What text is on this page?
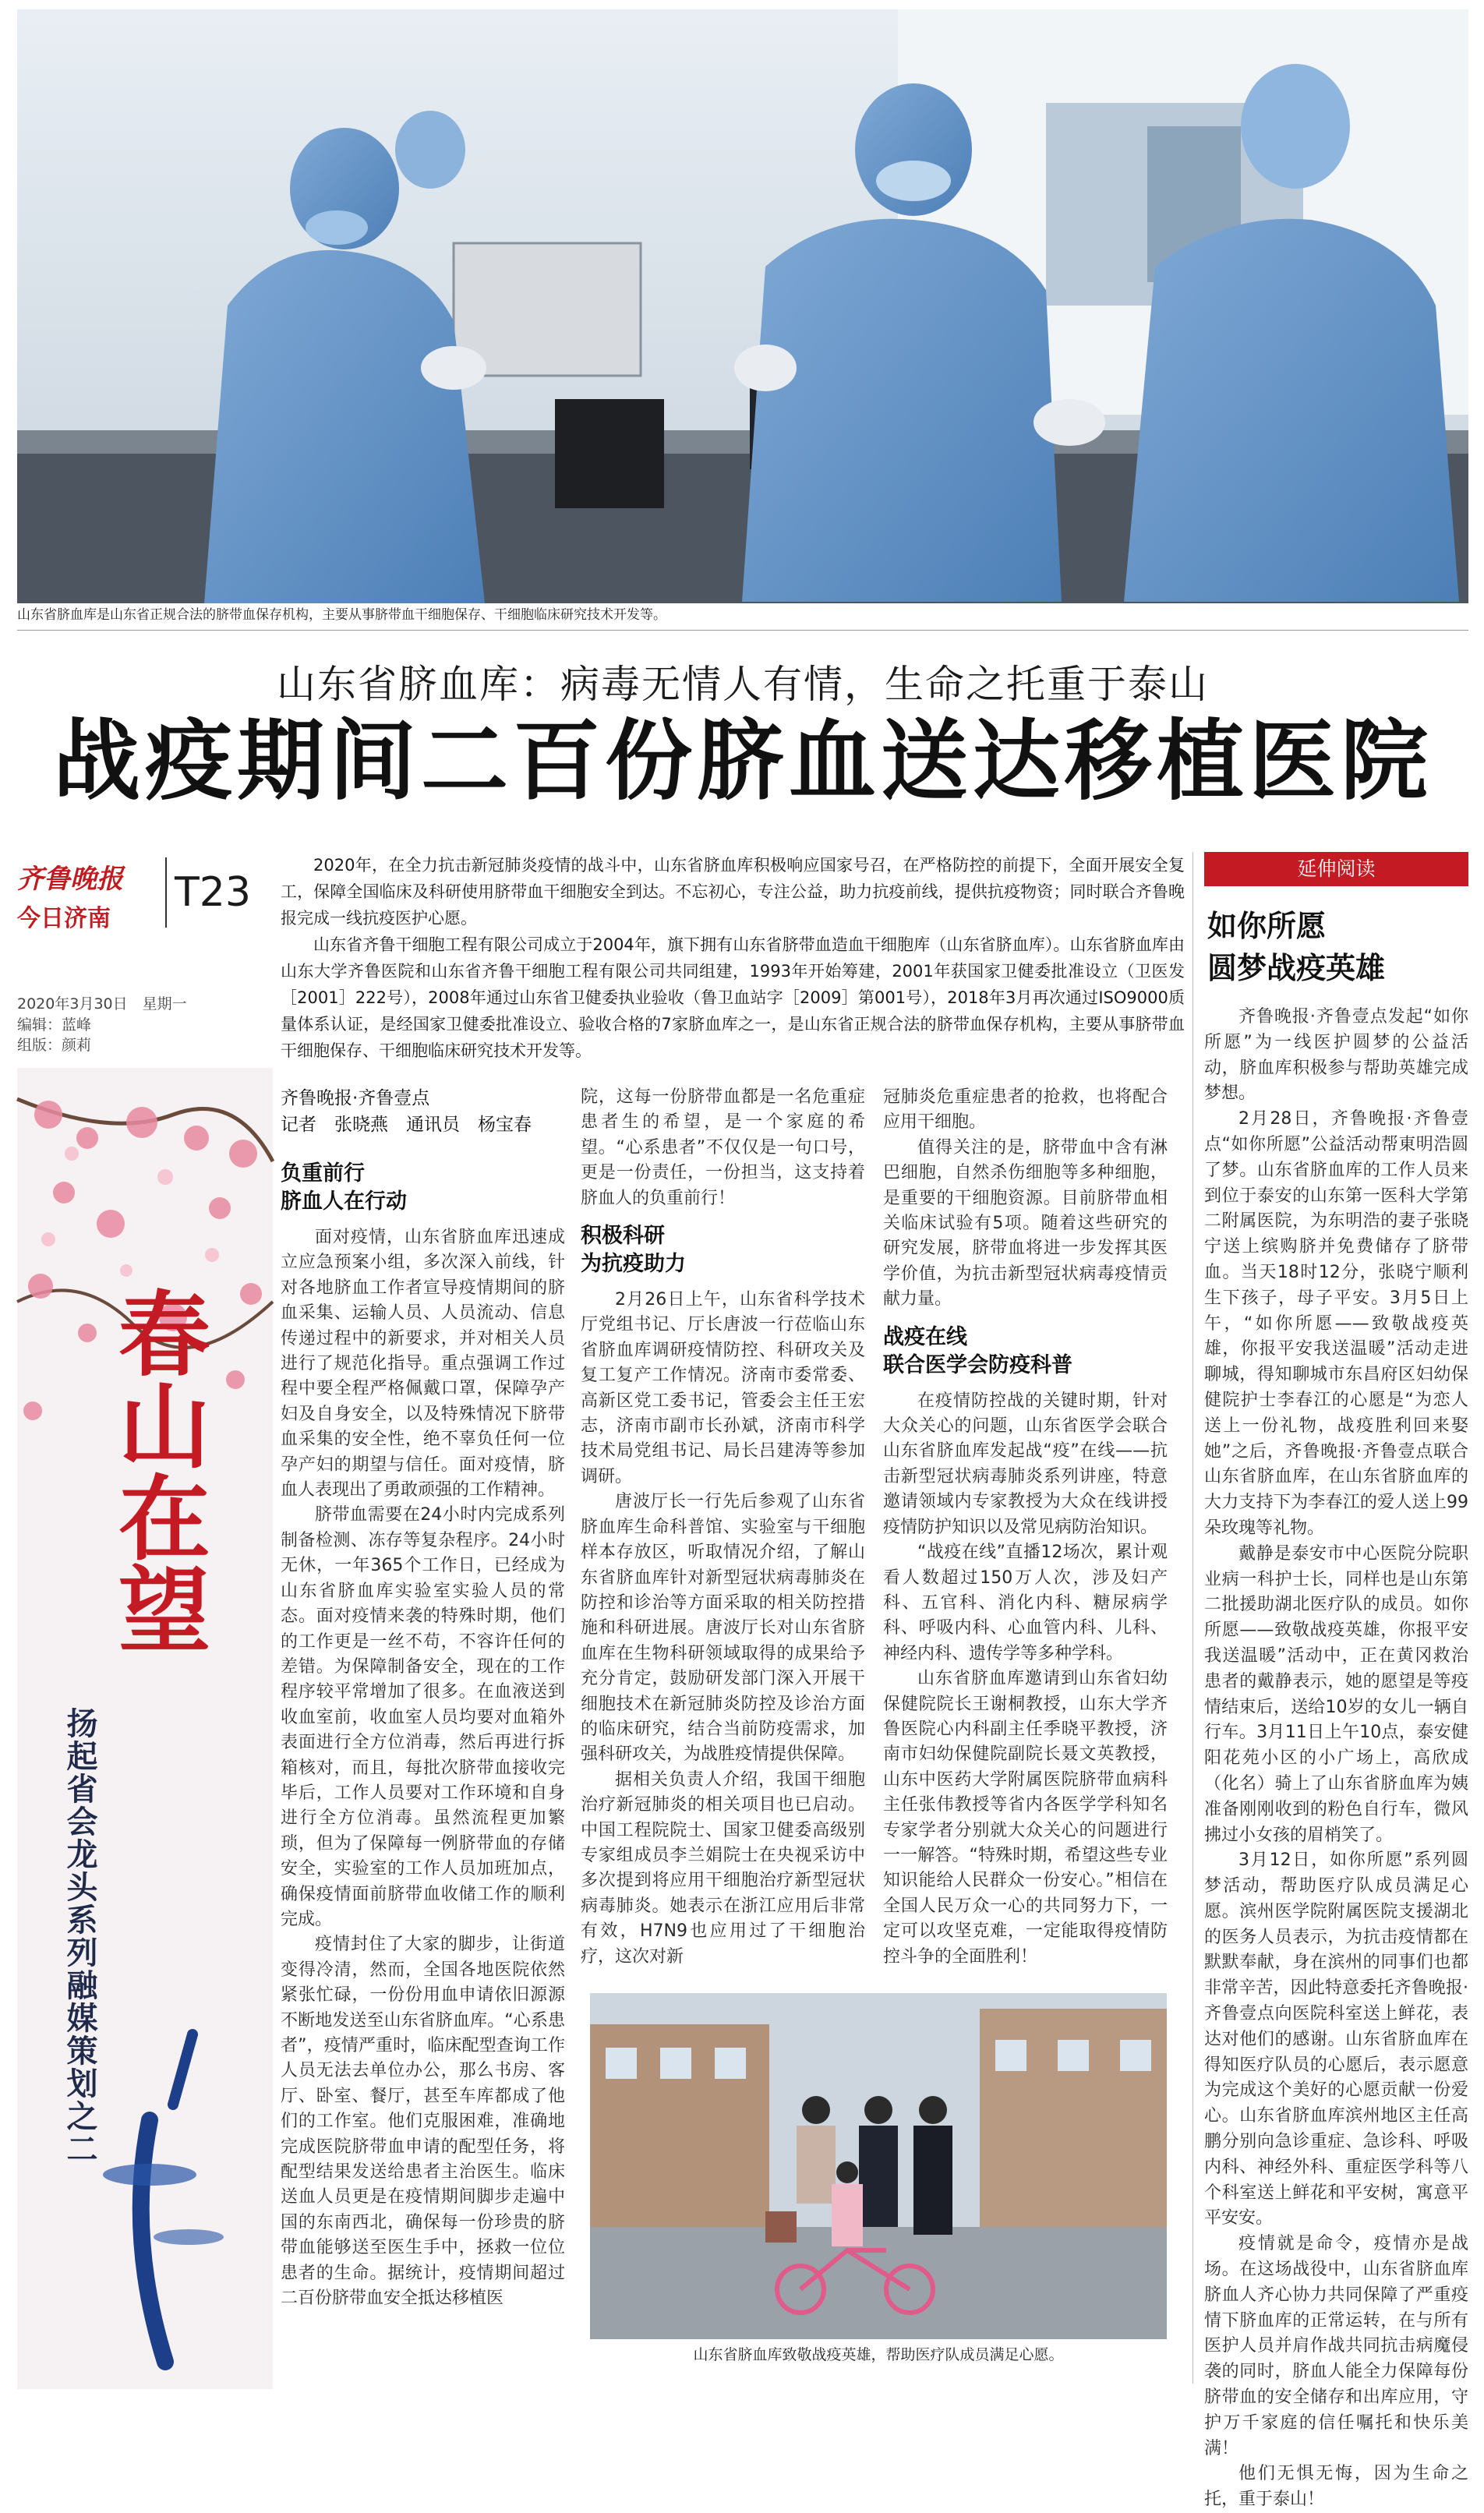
山东省脐血库是山东省正规合法的脐带血保存机构，主要从事脐带血干细胞保存、干细胞临床研究技术开发等。
山东省脐血库：病毒无情人有情，生命之托重于泰山
战疫期间二百份脐血送达移植医院
齐鲁晚报
今日济南
T23
2020年3月30日　星期一
编辑：蓝峰
组版：颜莉
春山在望
扬起省会龙头系列融媒策划之二

2020年，在全力抗击新冠肺炎疫情的战斗中，山东省脐血库积极响应国家号召，在严格防控的前提下，全面开展安全复工，保障全国临床及科研使用脐带血干细胞安全到达。不忘初心，专注公益，助力抗疫前线，提供抗疫物资；同时联合齐鲁晚报完成一线抗疫医护心愿。

山东省齐鲁干细胞工程有限公司成立于2004年，旗下拥有山东省脐带血造血干细胞库（山东省脐血库）。山东省脐血库由山东大学齐鲁医院和山东省齐鲁干细胞工程有限公司共同组建，1993年开始筹建，2001年获国家卫健委批准设立（卫医发［2001］222号），2008年通过山东省卫健委执业验收（鲁卫血站字［2009］第001号），2018年3月再次通过ISO9000质量体系认证，是经国家卫健委批准设立、验收合格的7家脐血库之一，是山东省正规合法的脐带血保存机构，主要从事脐带血干细胞保存、干细胞临床研究技术开发等。

延伸阅读
如你所愿
圆梦战疫英雄

齐鲁晚报·齐鲁壹点发起“如你所愿”为一线医护圆梦的公益活动，脐血库积极参与帮助英雄完成梦想。

2月28日，齐鲁晚报·齐鲁壹点“如你所愿”公益活动帮東明浩圆了梦。山东省脐血库的工作人员来到位于泰安的山东第一医科大学第二附属医院，为东明浩的妻子张晓宁送上缤购脐并免费储存了脐带血。当天18时12分，张晓宁顺利生下孩子，母子平安。3月5日上午，“如你所愿——致敬战疫英雄，你报平安我送温暖”活动走进聊城，得知聊城市东昌府区妇幼保健院护士李春江的心愿是“为恋人送上一份礼物，战疫胜利回来娶她”之后，齐鲁晚报·齐鲁壹点联合山东省脐血库，在山东省脐血库的大力支持下为李春江的爱人送上99朵玫瑰等礼物。

戴静是泰安市中心医院分院职业病一科护士长，同样也是山东第二批援助湖北医疗队的成员。如你所愿——致敬战疫英雄，你报平安我送温暖”活动中，正在黄冈救治患者的戴静表示，她的愿望是等疫情结束后，送给10岁的女儿一辆自行车。3月11日上午10点，泰安健阳花苑小区的小广场上，高欣成（化名）骑上了山东省脐血库为姨准备刚刚收到的粉色自行车，微风拂过小女孩的眉梢笑了。

3月12日，如你所愿”系列圆梦活动，帮助医疗队成员满足心愿。滨州医学院附属医院支援湖北的医务人员表示，为抗击疫情都在默默奉献，身在滨州的同事们也都非常辛苦，因此特意委托齐鲁晚报·齐鲁壹点向医院科室送上鲜花，表达对他们的感谢。山东省脐血库在得知医疗队员的心愿后，表示愿意为完成这个美好的心愿贡献一份爱心。山东省脐血库滨州地区主任高鹏分别向急诊重症、急诊科、呼吸内科、神经外科、重症医学科等八个科室送上鲜花和平安树，寓意平平安安。

疫情就是命令，疫情亦是战场。在这场战役中，山东省脐血库脐血人齐心协力共同保障了严重疫情下脐血库的正常运转，在与所有医护人员并肩作战共同抗击病魔侵袭的同时，脐血人能全力保障每份脐带血的安全储存和出库应用，守护万千家庭的信任嘱托和快乐美满！

他们无惧无悔，因为生命之托，重于泰山！

齐鲁晚报·齐鲁壹点
记者　张晓燕　通讯员　杨宝春
负重前行
脐血人在行动

面对疫情，山东省脐血库迅速成立应急预案小组，多次深入前线，针对各地脐血工作者宣导疫情期间的脐血采集、运输人员、人员流动、信息传递过程中的新要求，并对相关人员进行了规范化指导。重点强调工作过程中要全程严格佩戴口罩，保障孕产妇及自身安全，以及特殊情况下脐带血采集的安全性，绝不辜负任何一位孕产妇的期望与信任。面对疫情，脐血人表现出了勇敢顽强的工作精神。

脐带血需要在24小时内完成系列制备检测、冻存等复杂程序。24小时无休，一年365个工作日，已经成为山东省脐血库实验室实验人员的常态。面对疫情来袭的特殊时期，他们的工作更是一丝不苟，不容许任何的差错。为保障制备安全，现在的工作程序较平常增加了很多。在血液送到收血室前，收血室人员均要对血箱外表面进行全方位消毒，然后再进行拆箱核对，而且，每批次脐带血接收完毕后，工作人员要对工作环境和自身进行全方位消毒。虽然流程更加繁琐，但为了保障每一例脐带血的存储安全，实验室的工作人员加班加点，确保疫情面前脐带血收储工作的顺利完成。

疫情封住了大家的脚步，让街道变得冷清，然而，全国各地医院依然紧张忙碌，一份份用血申请依旧源源不断地发送至山东省脐血库。“心系患者”，疫情严重时，临床配型查询工作人员无法去单位办公，那么书房、客厅、卧室、餐厅，甚至车库都成了他们的工作室。他们克服困难，准确地完成医院脐带血申请的配型任务，将配型结果发送给患者主治医生。临床送血人员更是在疫情期间脚步走遍中国的东南西北，确保每一份珍贵的脐带血能够送至医生手中，拯救一位位患者的生命。据统计，疫情期间超过二百份脐带血安全抵达移植医

院，这每一份脐带血都是一名危重症患者生的希望，是一个家庭的希望。“心系患者”不仅仅是一句口号，更是一份责任，一份担当，这支持着脐血人的负重前行！

积极科研
为抗疫助力

2月26日上午，山东省科学技术厅党组书记、厅长唐波一行莅临山东省脐血库调研疫情防控、科研攻关及复工复产工作情况。济南市委常委、高新区党工委书记，管委会主任王宏志，济南市副市长孙斌，济南市科学技术局党组书记、局长吕建涛等参加调研。

唐波厅长一行先后参观了山东省脐血库生命科普馆、实验室与干细胞样本存放区，听取情况介绍，了解山东省脐血库针对新型冠状病毒肺炎在防控和诊治等方面采取的相关防控措施和科研进展。唐波厅长对山东省脐血库在生物科研领域取得的成果给予充分肯定，鼓励研发部门深入开展干细胞技术在新冠肺炎防控及诊治方面的临床研究，结合当前防疫需求，加强科研攻关，为战胜疫情提供保障。

据相关负责人介绍，我国干细胞治疗新冠肺炎的相关项目也已启动。中国工程院院士、国家卫健委高级别专家组成员李兰娟院士在央视采访中多次提到将应用干细胞治疗新型冠状病毒肺炎。她表示在浙江应用后非常有效，H7N9也应用过了干细胞治疗，这次对新

冠肺炎危重症患者的抢救，也将配合应用干细胞。

值得关注的是，脐带血中含有淋巴细胞，自然杀伤细胞等多种细胞，是重要的干细胞资源。目前脐带血相关临床试验有5项。随着这些研究的研究发展，脐带血将进一步发挥其医学价值，为抗击新型冠状病毒疫情贡献力量。

战疫在线
联合医学会防疫科普

在疫情防控战的关键时期，针对大众关心的问题，山东省医学会联合山东省脐血库发起战“疫”在线——抗击新型冠状病毒肺炎系列讲座，特意邀请领域内专家教授为大众在线讲授疫情防护知识以及常见病防治知识。

“战疫在线”直播12场次，累计观看人数超过150万人次，涉及妇产科、五官科、消化内科、糖尿病学科、呼吸内科、心血管内科、儿科、神经内科、遗传学等多种学科。

山东省脐血库邀请到山东省妇幼保健院院长王谢桐教授，山东大学齐鲁医院心内科副主任季晓平教授，济南市妇幼保健院副院长聂文英教授，山东中医药大学附属医院脐带血病科主任张伟教授等省内各医学学科知名专家学者分别就大众关心的问题进行一一解答。“特殊时期，希望这些专业知识能给人民群众一份安心。”相信在全国人民万众一心的共同努力下，一定可以攻坚克难，一定能取得疫情防控斗争的全面胜利！

山东省脐血库致敬战疫英雄，帮助医疗队成员满足心愿。
